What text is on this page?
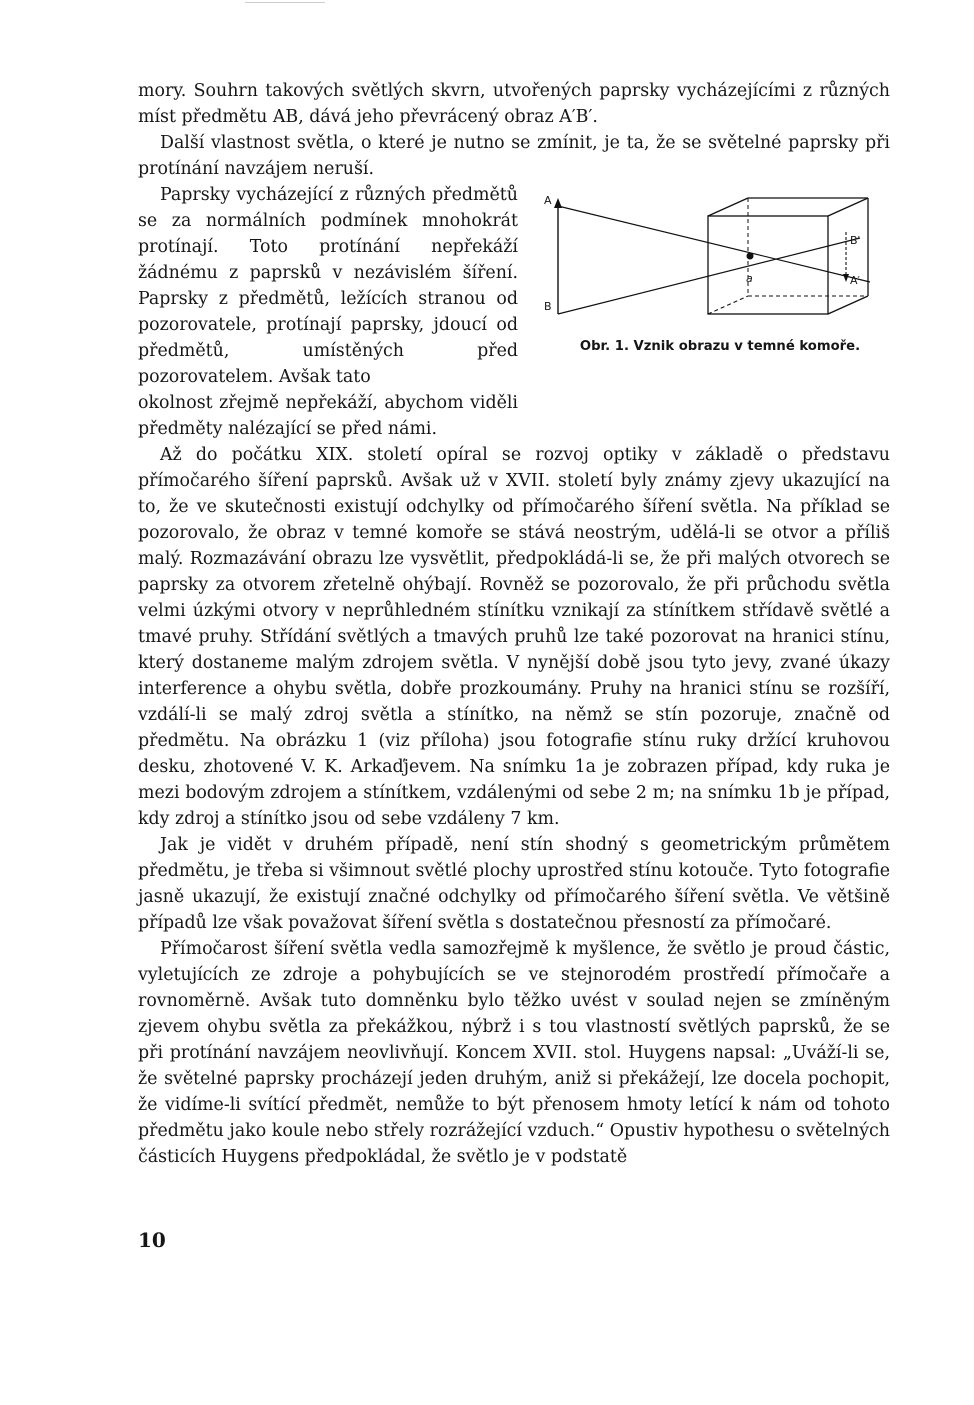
mory. Souhrn takových světlých skvrn, utvořených paprsky vycházejícími z různých míst předmětu AB, dává jeho převrácený obraz A′B′.

Další vlastnost světla, o které je nutno se zmínit, je ta, že se světelné paprsky při protínání navzájem neruší.

A
B
a
B′
A′
Obr. 1. Vznik obrazu v temné komoře.

Paprsky vycházející z různých předmětů se za normálních podmínek mnohokrát protínají. Toto protínání nepřekáží žádnému z paprsků v nezávislém šíření. Paprsky z předmětů, ležících stranou od pozorovatele, protínají paprsky, jdoucí od předmětů, umístěných před pozorovatelem. Avšak tato

okolnost zřejmě nepřekáží, abychom viděli předměty nalézající se před námi.

Až do počátku XIX. století opíral se rozvoj optiky v základě o představu přímočarého šíření paprsků. Avšak už v XVII. století byly známy zjevy ukazující na to, že ve skutečnosti existují odchylky od přímočarého šíření světla. Na příklad se pozorovalo, že obraz v temné komoře se stává neostrým, udělá-li se otvor a příliš malý. Rozmazávání obrazu lze vysvětlit, předpokládá-li se, že při malých otvorech se paprsky za otvorem zřetelně ohýbají. Rovněž se pozorovalo, že při průchodu světla velmi úzkými otvory v neprůhledném stínítku vznikají za stínítkem střídavě světlé a tmavé pruhy. Střídání světlých a tmavých pruhů lze také pozorovat na hranici stínu, který dostaneme malým zdrojem světla. V nynější době jsou tyto jevy, zvané úkazy interference a ohybu světla, dobře prozkoumány. Pruhy na hranici stínu se rozšíří, vzdálí-li se malý zdroj světla a stínítko, na němž se stín pozoruje, značně od předmětu. Na obrázku 1 (viz příloha) jsou fotografie stínu ruky držící kruhovou desku, zhotovené V. K. Arkaďjevem. Na snímku 1a je zobrazen případ, kdy ruka je mezi bodovým zdrojem a stínítkem, vzdálenými od sebe 2 m; na snímku 1b je případ, kdy zdroj a stínítko jsou od sebe vzdáleny 7 km.

Jak je vidět v druhém případě, není stín shodný s geometrickým průmětem předmětu, je třeba si všimnout světlé plochy uprostřed stínu kotouče. Tyto fotografie jasně ukazují, že existují značné odchylky od přímočarého šíření světla. Ve většině případů lze však považovat šíření světla s dostatečnou přesností za přímočaré.

Přímočarost šíření světla vedla samozřejmě k myšlence, že světlo je proud částic, vyletujících ze zdroje a pohybujících se ve stejnorodém prostředí přímočaře a rovnoměrně. Avšak tuto domněnku bylo těžko uvést v soulad nejen se zmíněným zjevem ohybu světla za překážkou, nýbrž i s tou vlastností světlých paprsků, že se při protínání navzájem neovlivňují. Koncem XVII. stol. Huygens napsal: „Uváží-li se, že světelné paprsky procházejí jeden druhým, aniž si překážejí, lze docela pochopit, že vidíme-li svítící předmět, nemůže to být přenosem hmoty letící k nám od tohoto předmětu jako koule nebo střely rozrážející vzduch.“ Opustiv hypothesu o světelných částicích Huygens předpokládal, že světlo je v podstatě

10
